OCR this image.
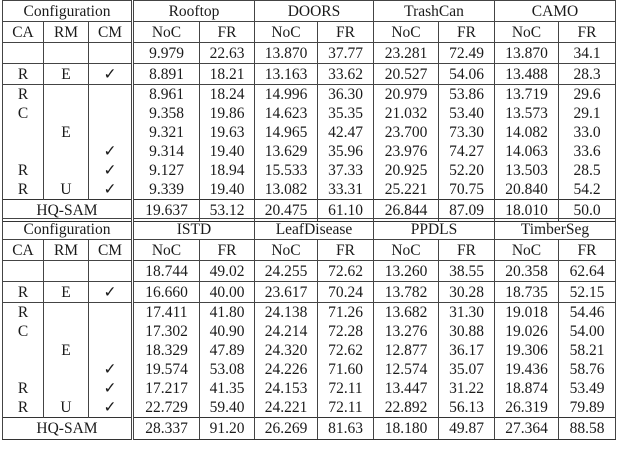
Configuration			Rooftop		DOORS		TrashCan		CAMO	
CA	RM	CM	NoC	FR	NoC	FR	NoC	FR	NoC	FR
			9.979	22.63	13.870	37.77	23.281	72.49	13.870	34.1
R	E	✓	8.891	18.21	13.163	33.62	20.527	54.06	13.488	28.3
R			8.961	18.24	14.996	36.30	20.979	53.86	13.719	29.6
C			9.358	19.86	14.623	35.35	21.032	53.40	13.573	29.1
	E		9.321	19.63	14.965	42.47	23.700	73.30	14.082	33.0
		✓	9.314	19.40	13.629	35.96	23.976	74.27	14.063	33.6
R		✓	9.127	18.94	15.533	37.33	20.925	52.20	13.503	28.5
R	U	✓	9.339	19.40	13.082	33.31	25.221	70.75	20.840	54.2
HQ-SAM			19.637	53.12	20.475	61.10	26.844	87.09	18.010	50.0
Configuration			ISTD		LeafDisease		PPDLS		TimberSeg	
CA	RM	CM	NoC	FR	NoC	FR	NoC	FR	NoC	FR
			18.744	49.02	24.255	72.62	13.260	38.55	20.358	62.64
R	E	✓	16.660	40.00	23.617	70.24	13.782	30.28	18.735	52.15
R			17.411	41.80	24.138	71.26	13.682	31.30	19.018	54.46
C			17.302	40.90	24.214	72.28	13.276	30.88	19.026	54.00
	E		18.329	47.89	24.320	72.62	12.877	36.17	19.306	58.21
		✓	19.574	53.08	24.226	71.60	12.574	35.07	19.436	58.76
R		✓	17.217	41.35	24.153	72.11	13.447	31.22	18.874	53.49
R	U	✓	22.729	59.40	24.221	72.11	22.892	56.13	26.319	79.89
HQ-SAM			28.337	91.20	26.269	81.63	18.180	49.87	27.364	88.58
